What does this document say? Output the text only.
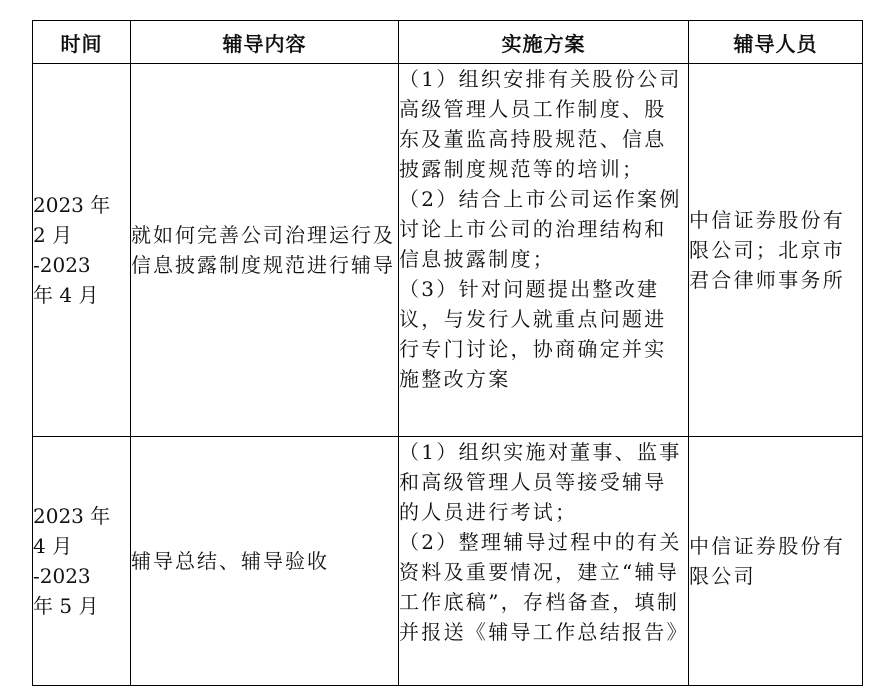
时间	辅导内容	实施方案	辅导人员

2023 年
2 月
-2023
年 4 月	就如何完善公司治理运行及信息披露制度规范进行辅导	（1）组织安排有关股份公司高级管理人员工作制度、股东及董监高持股规范、信息披露制度规范等的培训；
（2）结合上市公司运作案例讨论上市公司的治理结构和信息披露制度；
（3）针对问题提出整改建议，与发行人就重点问题进行专门讨论，协商确定并实施整改方案	中信证券股份有限公司；北京市君合律师事务所

2023 年
4 月
-2023
年 5 月	辅导总结、辅导验收	（1）组织实施对董事、监事和高级管理人员等接受辅导的人员进行考试；
（2）整理辅导过程中的有关资料及重要情况，建立“辅导工作底稿”，存档备查，填制并报送《辅导工作总结报告》	中信证券股份有限公司
